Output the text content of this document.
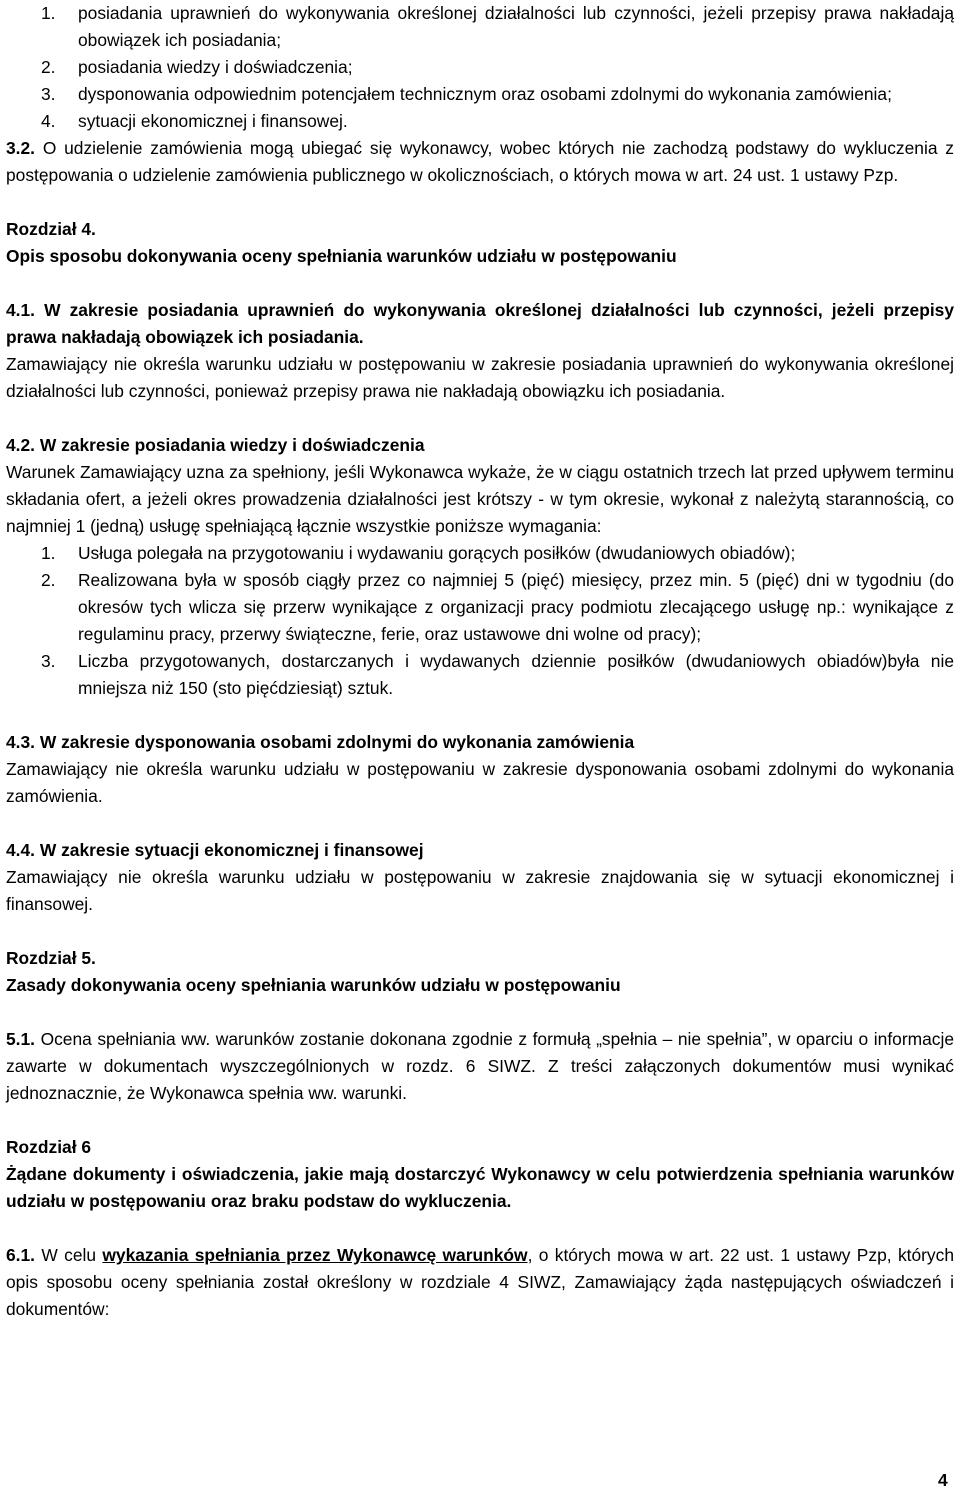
1. posiadania uprawnień do wykonywania określonej działalności lub czynności, jeżeli przepisy prawa nakładają obowiązek ich posiadania;

2. posiadania wiedzy i doświadczenia;

3. dysponowania odpowiednim potencjałem technicznym oraz osobami zdolnymi do wykonania zamówienia;

4. sytuacji ekonomicznej i finansowej.

3.2. O udzielenie zamówienia mogą ubiegać się wykonawcy, wobec których nie zachodzą podstawy do wykluczenia z postępowania o udzielenie zamówienia publicznego w okolicznościach, o których mowa w art. 24 ust. 1 ustawy Pzp.

Rozdział 4.

Opis sposobu dokonywania oceny spełniania warunków udziału w postępowaniu

4.1. W zakresie posiadania uprawnień do wykonywania określonej działalności lub czynności, jeżeli przepisy prawa nakładają obowiązek ich posiadania.

Zamawiający nie określa warunku udziału w postępowaniu w zakresie posiadania uprawnień do wykonywania określonej działalności lub czynności, ponieważ przepisy prawa nie nakładają obowiązku ich posiadania.

4.2. W zakresie posiadania wiedzy i doświadczenia

Warunek Zamawiający uzna za spełniony, jeśli Wykonawca wykaże, że w ciągu ostatnich trzech lat przed upływem terminu składania ofert, a jeżeli okres prowadzenia działalności jest krótszy - w tym okresie, wykonał z należytą starannością, co najmniej 1 (jedną) usługę spełniającą łącznie wszystkie poniższe wymagania:

1. Usługa polegała na przygotowaniu i wydawaniu gorących posiłków (dwudaniowych obiadów);

2. Realizowana była w sposób ciągły przez co najmniej 5 (pięć) miesięcy, przez min. 5 (pięć) dni w tygodniu (do okresów tych wlicza się przerw wynikające z organizacji pracy podmiotu zlecającego usługę np.: wynikające z regulaminu pracy, przerwy świąteczne, ferie, oraz ustawowe dni wolne od pracy);

3. Liczba przygotowanych, dostarczanych i wydawanych dziennie posiłków (dwudaniowych obiadów)była nie mniejsza niż 150 (sto pięćdziesiąt) sztuk.

4.3. W zakresie dysponowania osobami zdolnymi do wykonania zamówienia

Zamawiający nie określa warunku udziału w postępowaniu w zakresie dysponowania osobami zdolnymi do wykonania zamówienia.

4.4. W zakresie sytuacji ekonomicznej i finansowej

Zamawiający nie określa warunku udziału w postępowaniu w zakresie znajdowania się w sytuacji ekonomicznej i finansowej.

Rozdział 5.

Zasady dokonywania oceny spełniania warunków udziału w postępowaniu

5.1. Ocena spełniania ww. warunków zostanie dokonana zgodnie z formułą „spełnia – nie spełnia”, w oparciu o informacje zawarte w dokumentach wyszczególnionych w rozdz. 6 SIWZ. Z treści załączonych dokumentów musi wynikać jednoznacznie, że Wykonawca spełnia ww. warunki.

Rozdział 6

Żądane dokumenty i oświadczenia, jakie mają dostarczyć Wykonawcy w celu potwierdzenia spełniania warunków udziału w postępowaniu oraz braku podstaw do wykluczenia.

6.1. W celu wykazania spełniania przez Wykonawcę warunków, o których mowa w art. 22 ust. 1 ustawy Pzp, których opis sposobu oceny spełniania został określony w rozdziale 4 SIWZ, Zamawiający żąda następujących oświadczeń i dokumentów:

4
